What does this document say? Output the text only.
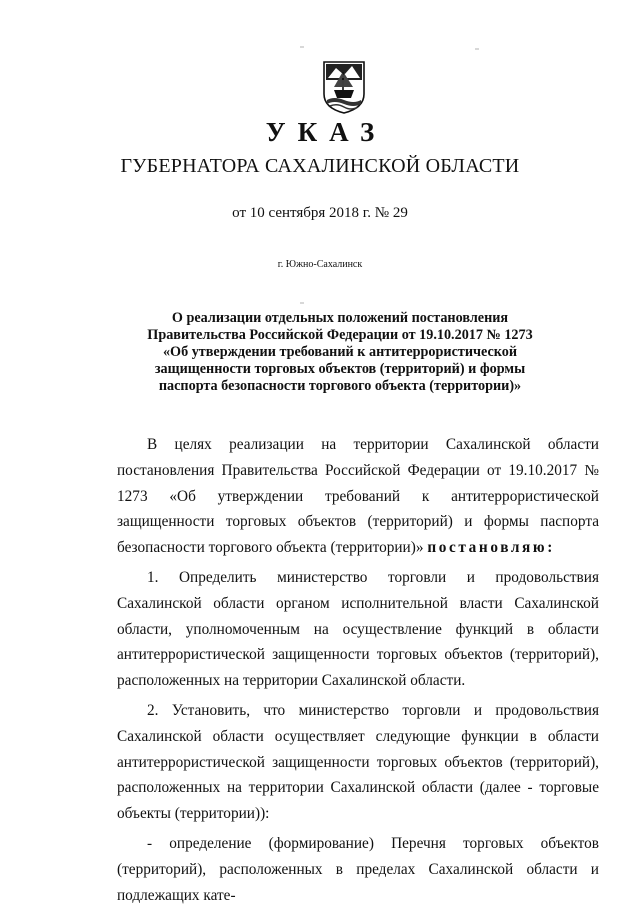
УКАЗ
ГУБЕРНАТОРА САХАЛИНСКОЙ ОБЛАСТИ
от 10 сентября 2018 г. № 29
г. Южно-Сахалинск
О реализации отдельных положений постановления
Правительства Российской Федерации от 19.10.2017 № 1273
«Об утверждении требований к антитеррористической
защищенности торговых объектов (территорий) и формы
паспорта безопасности торгового объекта (территории)»

В целях реализации на территории Сахалинской области постановления Правительства Российской Федерации от 19.10.2017 № 1273 «Об утверждении требований к антитеррористической защищенности торговых объектов (территорий) и формы паспорта безопасности торгового объекта (территории)» постановляю:

1. Определить министерство торговли и продовольствия Сахалинской области органом исполнительной власти Сахалинской области, уполномоченным на осуществление функций в области антитеррористической защищенности торговых объектов (территорий), расположенных на территории Сахалинской области.

2. Установить, что министерство торговли и продовольствия Сахалинской области осуществляет следующие функции в области антитеррористической защищенности торговых объектов (территорий), расположенных на территории Сахалинской области (далее - торговые объекты (территории)):

- определение (формирование) Перечня торговых объектов (территорий), расположенных в пределах Сахалинской области и подлежащих кате-
